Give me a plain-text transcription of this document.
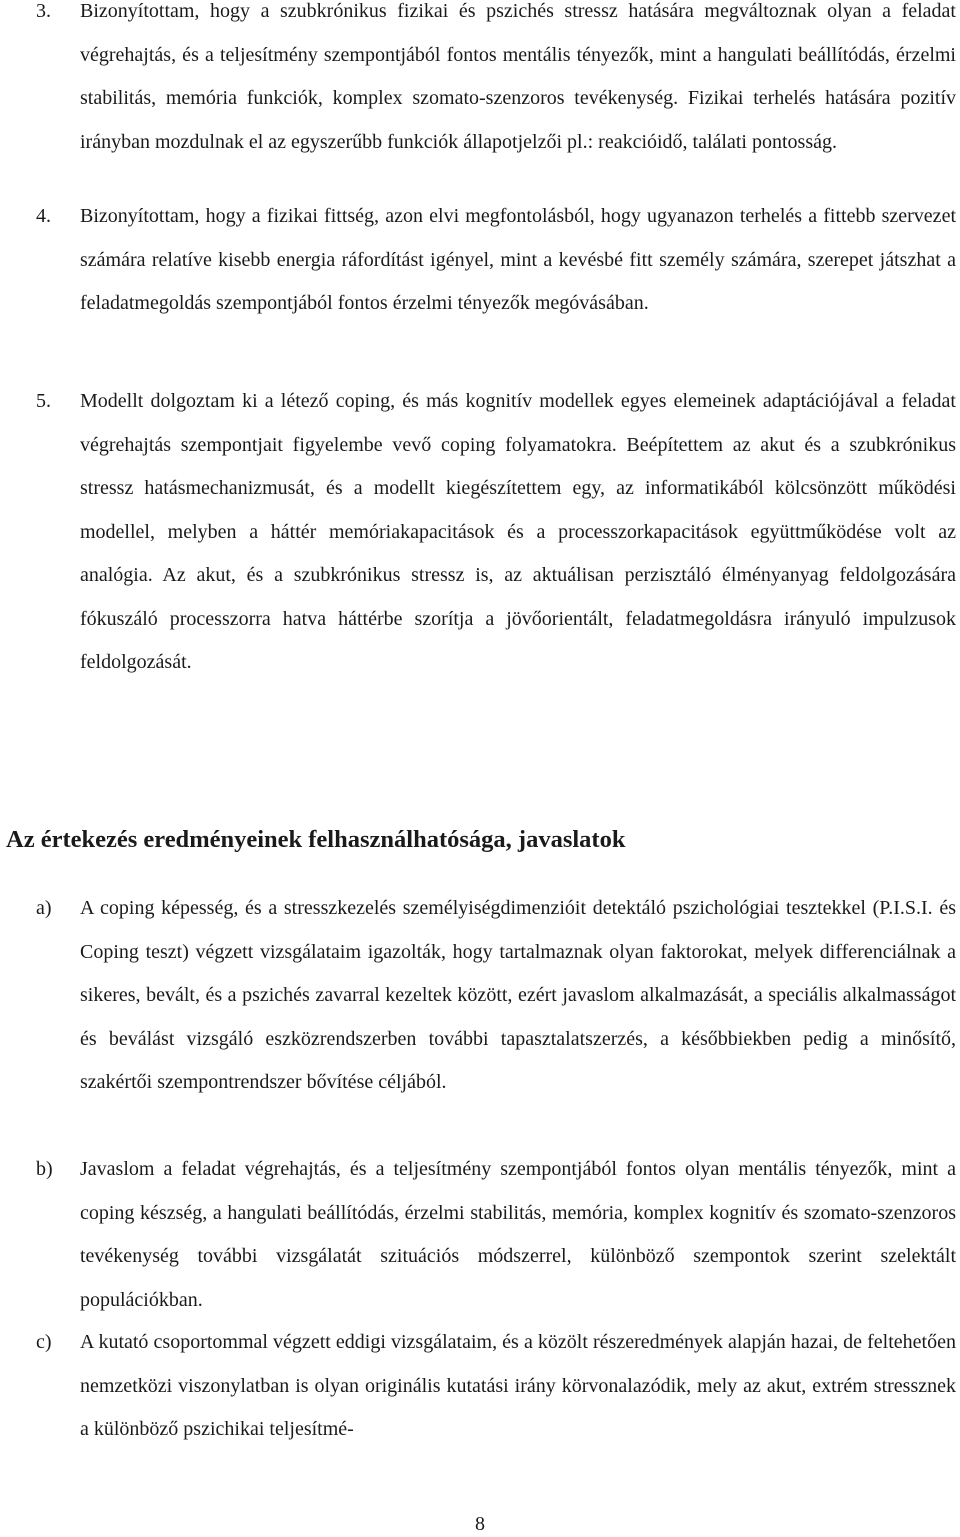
3. Bizonyítottam, hogy a szubkrónikus fizikai és pszichés stressz hatására megváltoznak olyan a feladat végrehajtás, és a teljesítmény szempontjából fontos mentális tényezők, mint a hangulati beállítódás, érzelmi stabilitás, memória funkciók, komplex szomato-szenzoros tevékenység. Fizikai terhelés hatására pozitív irányban mozdulnak el az egyszerűbb funkciók állapotjelzői pl.: reakcióidő, találati pontosság.
4. Bizonyítottam, hogy a fizikai fittség, azon elvi megfontolásból, hogy ugyanazon terhelés a fittebb szervezet számára relatíve kisebb energia ráfordítást igényel, mint a kevésbé fitt személy számára, szerepet játszhat a feladatmegoldás szempontjából fontos érzelmi tényezők megóvásában.
5. Modellt dolgoztam ki a létező coping, és más kognitív modellek egyes elemeinek adaptációjával a feladat végrehajtás szempontjait figyelembe vevő coping folyamatokra. Beépítettem az akut és a szubkrónikus stressz hatásmechanizmusát, és a modellt kiegészítettem egy, az informatikából kölcsönzött működési modellel, melyben a háttér memóriakapacitások és a processzorkapacitások együttműködése volt az analógia. Az akut, és a szubkrónikus stressz is, az aktuálisan perzisztáló élményanyag feldolgozására fókuszáló processzorra hatva háttérbe szorítja a jövőorientált, feladatmegoldásra irányuló impulzusok feldolgozását.
Az értekezés eredményeinek felhasználhatósága, javaslatok
a) A coping képesség, és a stresszkezelés személyiségdimenzióit detektáló pszichológiai tesztekkel (P.I.S.I. és Coping teszt) végzett vizsgálataim igazolták, hogy tartalmaznak olyan faktorokat, melyek differenciálnak a sikeres, bevált, és a pszichés zavarral kezeltek között, ezért javaslom alkalmazását, a speciális alkalmasságot és beválást vizsgáló eszközrendszerben további tapasztalatszerzés, a későbbiekben pedig a minősítő, szakértői szempontrendszer bővítése céljából.
b) Javaslom a feladat végrehajtás, és a teljesítmény szempontjából fontos olyan mentális tényezők, mint a coping készség, a hangulati beállítódás, érzelmi stabilitás, memória, komplex kognitív és szomato-szenzoros tevékenység további vizsgálatát szituációs módszerrel, különböző szempontok szerint szelektált populációkban.
c) A kutató csoportommal végzett eddigi vizsgálataim, és a közölt részeredmények alapján hazai, de feltehetően nemzetközi viszonylatban is olyan originális kutatási irány körvonalazódik, mely az akut, extrém stressznek a különböző pszichikai teljesítmé-
8
